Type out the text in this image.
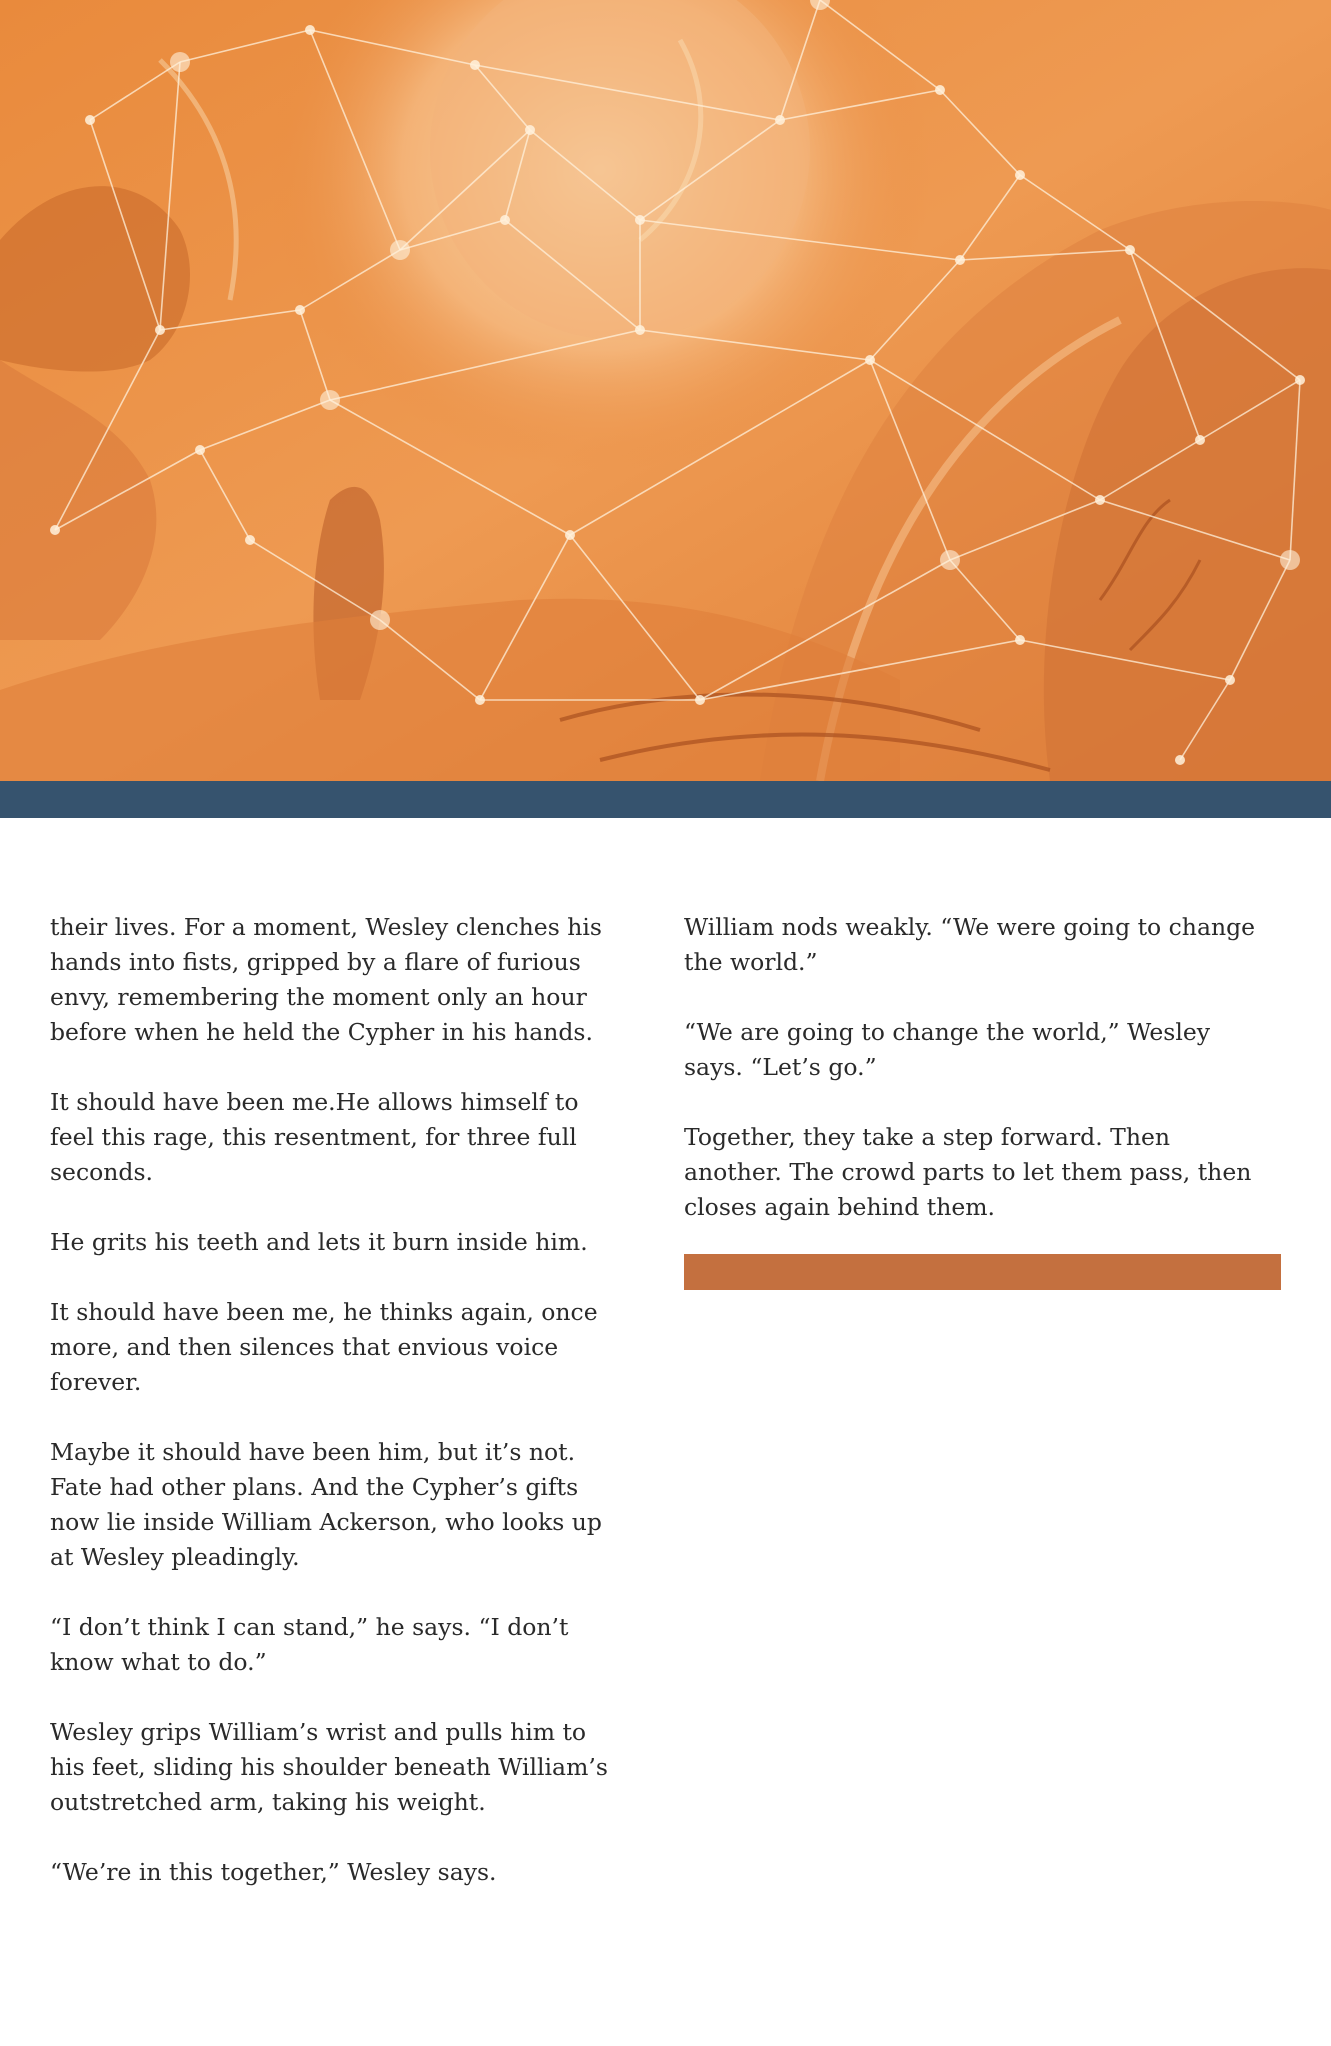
their lives. For a moment, Wesley clenches his
hands into fists, gripped by a flare of furious
envy, remembering the moment only an hour
before when he held the Cypher in his hands.

It should have been me.He allows himself to
feel this rage, this resentment, for three full
seconds.

He grits his teeth and lets it burn inside him.

It should have been me, he thinks again, once
more, and then silences that envious voice
forever.

Maybe it should have been him, but it’s not.
Fate had other plans. And the Cypher’s gifts
now lie inside William Ackerson, who looks up
at Wesley pleadingly.

“I don’t think I can stand,” he says. “I don’t
know what to do.”

Wesley grips William’s wrist and pulls him to
his feet, sliding his shoulder beneath William’s
outstretched arm, taking his weight.

“We’re in this together,” Wesley says.

William nods weakly. “We were going to change
the world.”

“We are going to change the world,” Wesley
says. “Let’s go.”

Together, they take a step forward. Then
another. The crowd parts to let them pass, then
closes again behind them.
